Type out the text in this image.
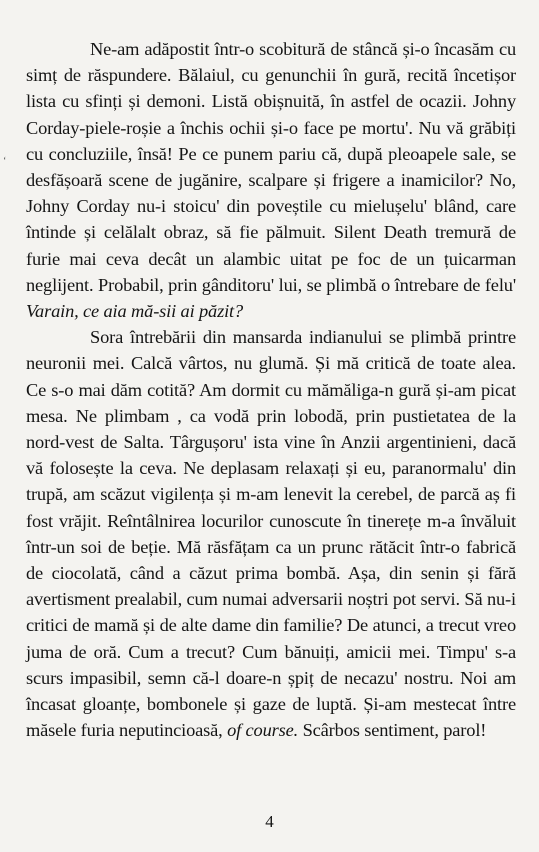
‘

Ne-am adăpostit într-o scobitură de stâncă și-o încasăm cu simț de răspundere. Bălaiul, cu genunchii în gură, recită încetișor lista cu sfinți și demoni. Listă obișnuită, în astfel de ocazii. Johny Corday-piele-roșie a închis ochii și-o face pe mortu'. Nu vă grăbiți cu concluziile, însă! Pe ce punem pariu că, după pleoapele sale, se desfășoară scene de jugănire, scalpare și frigere a inamicilor? No, Johny Corday nu-i stoicu' din poveștile cu mielușelu' blând, care întinde și celălalt obraz, să fie pălmuit. Silent Death tremură de furie mai ceva decât un alambic uitat pe foc de un țuicarman neglijent. Probabil, prin gânditoru' lui, se plimbă o întrebare de felu' Varain, ce aia mă-sii ai păzit?

Sora întrebării din mansarda indianului se plimbă printre neuronii mei. Calcă vârtos, nu glumă. Și mă critică de toate alea. Ce s-o mai dăm cotită? Am dormit cu mămăliga-n gură și-am picat mesa. Ne plimbam , ca vodă prin lobodă, prin pustietatea de la nord-vest de Salta. Târgușoru' ista vine în Anzii argentinieni, dacă vă folosește la ceva. Ne deplasam relaxați și eu, paranormalu' din trupă, am scăzut vigilența și m-am lenevit la cerebel, de parcă aș fi fost vrăjit. Reîntâlnirea locurilor cunoscute în tinerețe m-a învăluit într-un soi de beție. Mă răsfățam ca un prunc rătăcit într-o fabrică de ciocolată, când a căzut prima bombă. Așa, din senin și fără avertisment prealabil, cum numai adversarii noștri pot servi. Să nu-i critici de mamă și de alte dame din familie? De atunci, a trecut vreo juma de oră. Cum a trecut? Cum bănuiți, amicii mei. Timpu' s-a scurs impasibil, semn că-l doare-n șpiț de necazu' nostru. Noi am încasat gloanțe, bombonele și gaze de luptă. Și-am mestecat între măsele furia neputincioasă, of course. Scârbos sentiment, parol!

4
